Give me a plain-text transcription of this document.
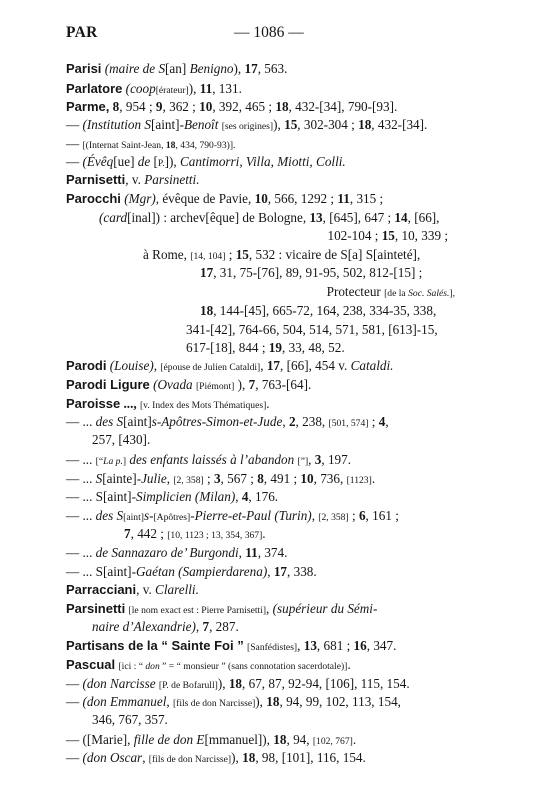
PAR	— 1086 —
Parisi (maire de S[an] Benigno), 17, 563.
Parlatore (coop[érateur]), 11, 131.
Parme, 8, 954 ; 9, 362 ; 10, 392, 465 ; 18, 432-[34], 790-[93].
— (Institution S[aint]-Benoît [ses origines]), 15, 302-304 ; 18, 432-[34].
— [(Internat Saint-Jean, 18, 434, 790-93)].
— (Évêq[ue] de [P.]), Cantimorri, Villa, Miotti, Colli.
Parnisetti, v. Parsinetti.
Parocchi (Mgr), évêque de Pavie, 10, 566, 1292 ; 11, 315 ;
(card[inal]) : archev[êque] de Bologne, 13, [645], 647 ; 14, [66],
102-104 ; 15, 10, 339 ;
à Rome, [14, 104] ; 15, 532 : vicaire de S[a] S[ainteté],
17, 31, 75-[76], 89, 91-95, 502, 812-[15] ;
Protecteur [de la Soc. Salés.],
18, 144-[45], 665-72, 164, 238, 334-35, 338,
341-[42], 764-66, 504, 514, 571, 581, [613]-15,
617-[18], 844 ; 19, 33, 48, 52.
Parodi (Louise), [épouse de Julien Cataldi], 17, [66], 454 v. Cataldi.
Parodi Ligure (Ovada [Piémont] ), 7, 763-[64].
Paroisse ..., [v. Index des Mots Thématiques].
— ... des S[aint]s-Apôtres-Simon-et-Jude, 2, 238, [501, 574] ; 4,
257, [430].
— ... [“La p.] des enfants laissés à l’abandon [”], 3, 197.
— ... S[ainte]-Julie, [2, 358] ; 3, 567 ; 8, 491 ; 10, 736, [1123].
— ... S[aint]-Simplicien (Milan), 4, 176.
— ... des S[aint]s-[Apôtres]-Pierre-et-Paul (Turin), [2, 358] ; 6, 161 ;
7, 442 ; [10, 1123 ; 13, 354, 367].
— ... de Sannazaro de’ Burgondi, 11, 374.
— ... S[aint]-Gaétan (Sampierdarena), 17, 338.
Parracciani, v. Clarelli.
Parsinetti [le nom exact est : Pierre Parnisetti], (supérieur du Sémi-
naire d’Alexandrie), 7, 287.
Partisans de la “ Sainte Foi ” [Sanfédistes], 13, 681 ; 16, 347.
Pascual [ici : “ don ” = “ monsieur ” (sans connotation sacerdotale)].
— (don Narcisse [P. de Bofarull]), 18, 67, 87, 92-94, [106], 115, 154.
— (don Emmanuel, [fils de don Narcisse]), 18, 94, 99, 102, 113, 154,
346, 767, 357.
— ([Marie], fille de don E[mmanuel]), 18, 94, [102, 767].
— (don Oscar, [fils de don Narcisse]), 18, 98, [101], 116, 154.
